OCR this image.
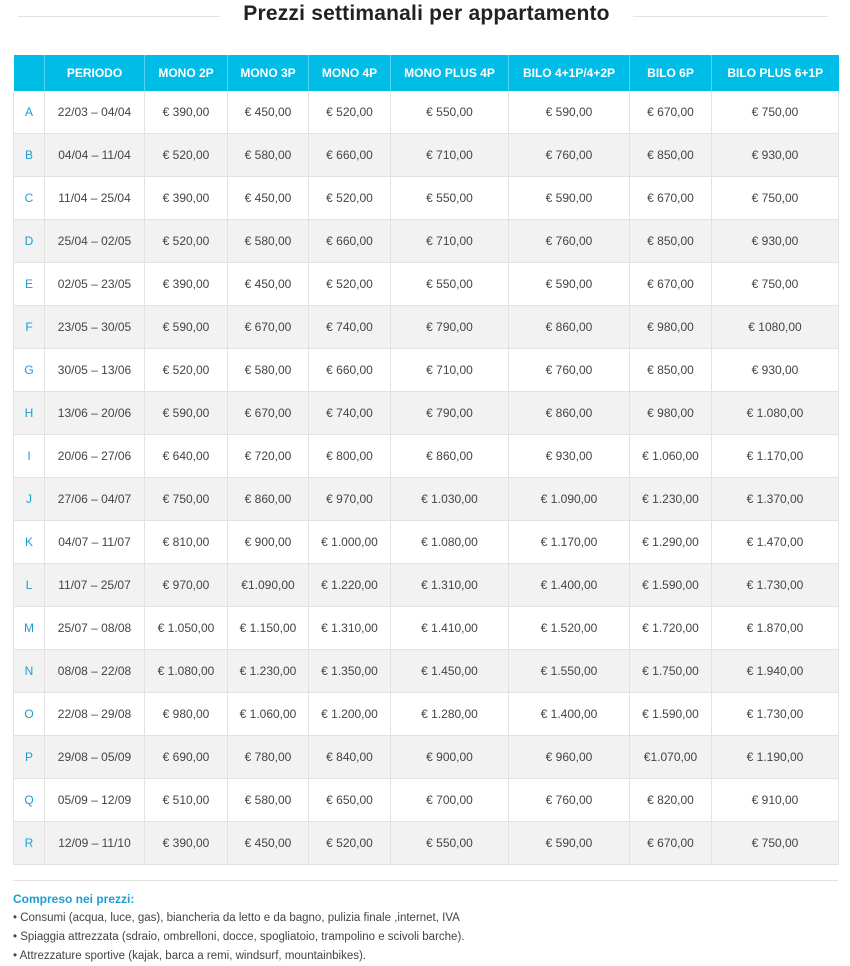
Prezzi settimanali per appartamento
	PERIODO	MONO 2P	MONO 3P	MONO 4P	MONO PLUS 4P	BILO 4+1P/4+2P	BILO 6P	BILO PLUS 6+1P
A	22/03 – 04/04	€ 390,00	€ 450,00	€ 520,00	€ 550,00	€ 590,00	€ 670,00	€ 750,00
B	04/04 – 11/04	€ 520,00	€ 580,00	€ 660,00	€ 710,00	€ 760,00	€ 850,00	€ 930,00
C	11/04 – 25/04	€ 390,00	€ 450,00	€ 520,00	€ 550,00	€ 590,00	€ 670,00	€ 750,00
D	25/04 – 02/05	€ 520,00	€ 580,00	€ 660,00	€ 710,00	€ 760,00	€ 850,00	€ 930,00
E	02/05 – 23/05	€ 390,00	€ 450,00	€ 520,00	€ 550,00	€ 590,00	€ 670,00	€ 750,00
F	23/05 – 30/05	€ 590,00	€ 670,00	€ 740,00	€ 790,00	€ 860,00	€ 980,00	€ 1080,00
G	30/05 – 13/06	€ 520,00	€ 580,00	€ 660,00	€ 710,00	€ 760,00	€ 850,00	€ 930,00
H	13/06 – 20/06	€ 590,00	€ 670,00	€ 740,00	€ 790,00	€ 860,00	€ 980,00	€ 1.080,00
I	20/06 – 27/06	€ 640,00	€ 720,00	€ 800,00	€ 860,00	€ 930,00	€ 1.060,00	€ 1.170,00
J	27/06 – 04/07	€ 750,00	€ 860,00	€ 970,00	€ 1.030,00	€ 1.090,00	€ 1.230,00	€ 1.370,00
K	04/07 – 11/07	€ 810,00	€ 900,00	€ 1.000,00	€ 1.080,00	€ 1.170,00	€ 1.290,00	€ 1.470,00
L	11/07 – 25/07	€ 970,00	€1.090,00	€ 1.220,00	€ 1.310,00	€ 1.400,00	€ 1.590,00	€ 1.730,00
M	25/07 – 08/08	€ 1.050,00	€ 1.150,00	€ 1.310,00	€ 1.410,00	€ 1.520,00	€ 1.720,00	€ 1.870,00
N	08/08 – 22/08	€ 1.080,00	€ 1.230,00	€ 1.350,00	€ 1.450,00	€ 1.550,00	€ 1.750,00	€ 1.940,00
O	22/08 – 29/08	€ 980,00	€ 1.060,00	€ 1.200,00	€ 1.280,00	€ 1.400,00	€ 1.590,00	€ 1.730,00
P	29/08 – 05/09	€ 690,00	€ 780,00	€ 840,00	€ 900,00	€ 960,00	€1.070,00	€ 1.190,00
Q	05/09 – 12/09	€ 510,00	€ 580,00	€ 650,00	€ 700,00	€ 760,00	€ 820,00	€ 910,00
R	12/09 – 11/10	€ 390,00	€ 450,00	€ 520,00	€ 550,00	€ 590,00	€ 670,00	€ 750,00
Compreso nei prezzi:
• Consumi (acqua, luce, gas), biancheria da letto e da bagno, pulizia finale ,internet, IVA
• Spiaggia attrezzata (sdraio, ombrelloni, docce, spogliatoio, trampolino e scivoli barche).
• Attrezzature sportive (kajak, barca a remi, windsurf, mountainbikes).
